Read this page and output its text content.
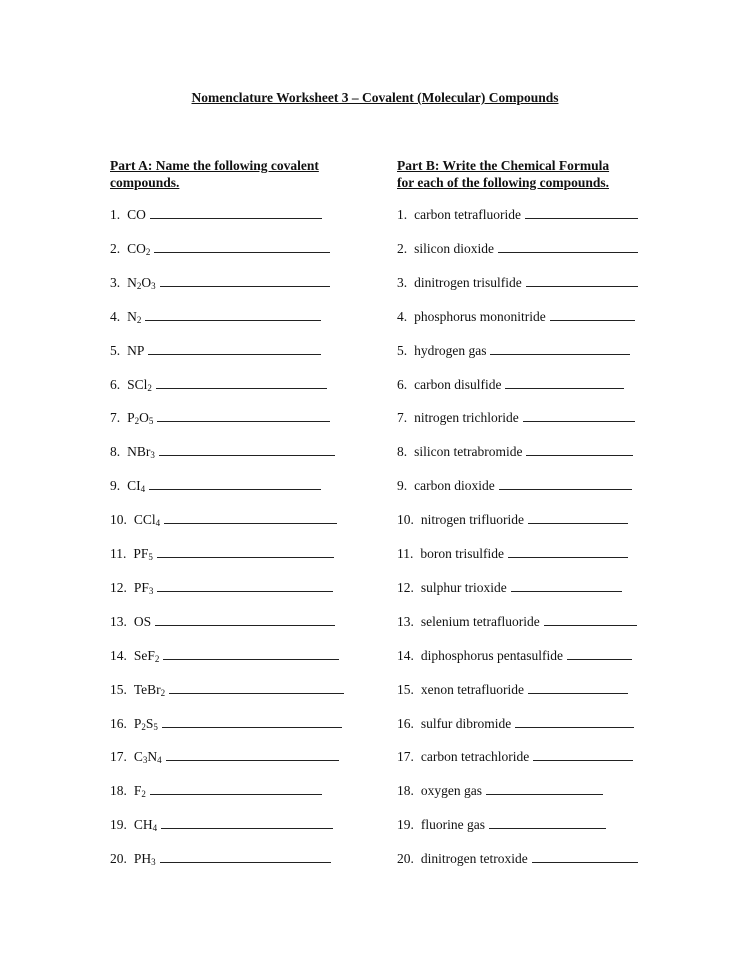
Nomenclature Worksheet 3 – Covalent (Molecular) Compounds
Part A: Name the following covalent
compounds.
Part B: Write the Chemical Formula
for each of the following compounds.
1. CO
2. $CO_2$
3. $N_2O_3$
4. $N_2$
5. NP
6. SCl$_2$
7. $P_2O_5$
8. NBr$_3$
9. $CI_4$
10. CCl$_4$
11. $PF_5$
12. $PF_3$
13. OS
14. SeF$_2$
15. TeBr$_2$
16. $P_2S_5$
17. $C_3N_4$
18. $F_2$
19. $CH_4$
20. $PH_3$
1. carbon tetrafluoride
2. silicon dioxide
3. dinitrogen trisulfide
4. phosphorus mononitride
5. hydrogen gas
6. carbon disulfide
7. nitrogen trichloride
8. silicon tetrabromide
9. carbon dioxide
10. nitrogen trifluoride
11. boron trisulfide
12. sulphur trioxide
13. selenium tetrafluoride
14. diphosphorus pentasulfide
15. xenon tetrafluoride
16. sulfur dibromide
17. carbon tetrachloride
18. oxygen gas
19. fluorine gas
20. dinitrogen tetroxide
